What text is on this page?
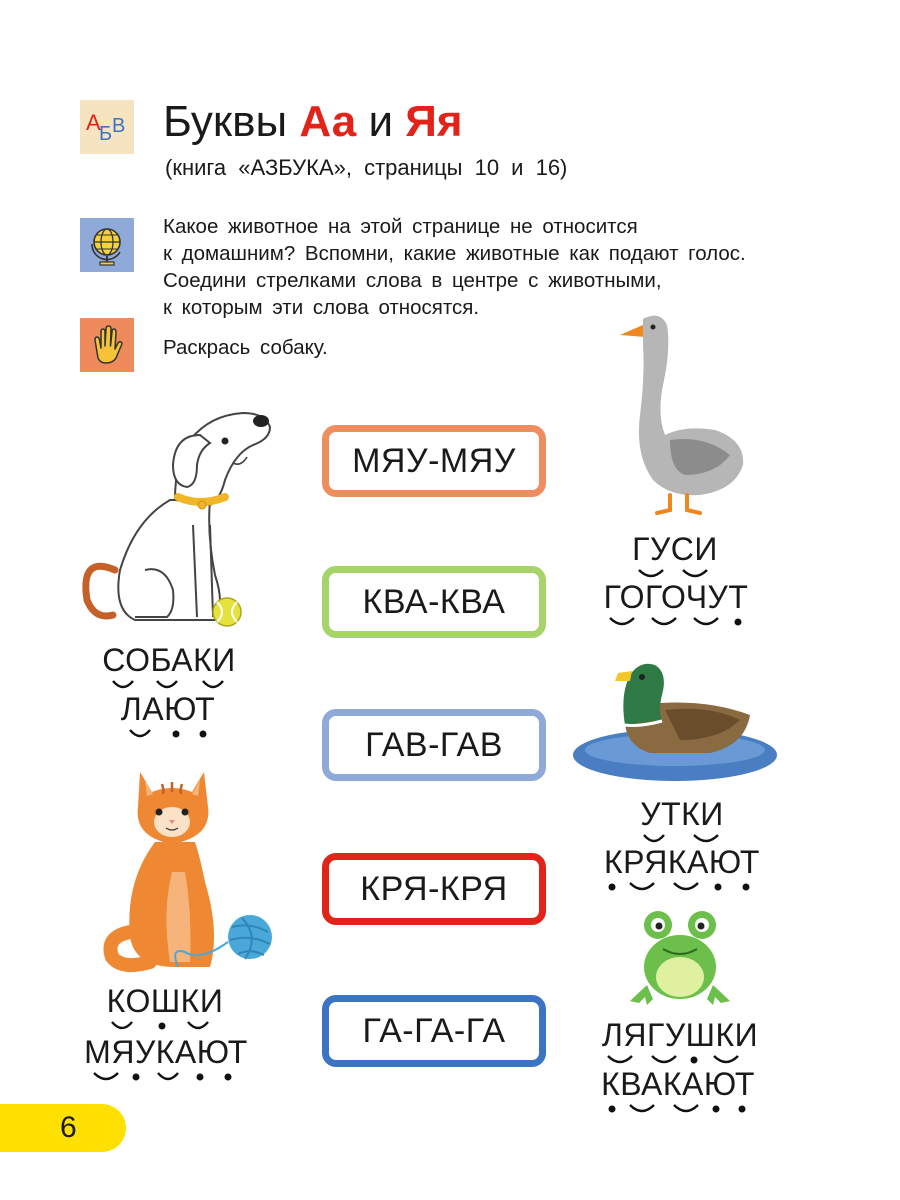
А
Б В Буквы Аа и Яя
(книга «АЗБУКА», страницы 10 и 16)
Какое животное на этой странице не относится
к домашним? Вспомни, какие животные как подают голос.
Соедини стрелками слова в центре с животными,
к которым эти слова относятся.
Раскрась собаку.
МЯУ-МЯУ
КВА-КВА
ГАВ-ГАВ
КРЯ-КРЯ
ГА-ГА-ГА
СОБАКИ
ЛАЮТ
КОШКИ
МЯУКАЮТ
ГУСИ
ГОГОЧУТ
УТКИ
КРЯКАЮТ
ЛЯГУШКИ
КВАКАЮТ
6
